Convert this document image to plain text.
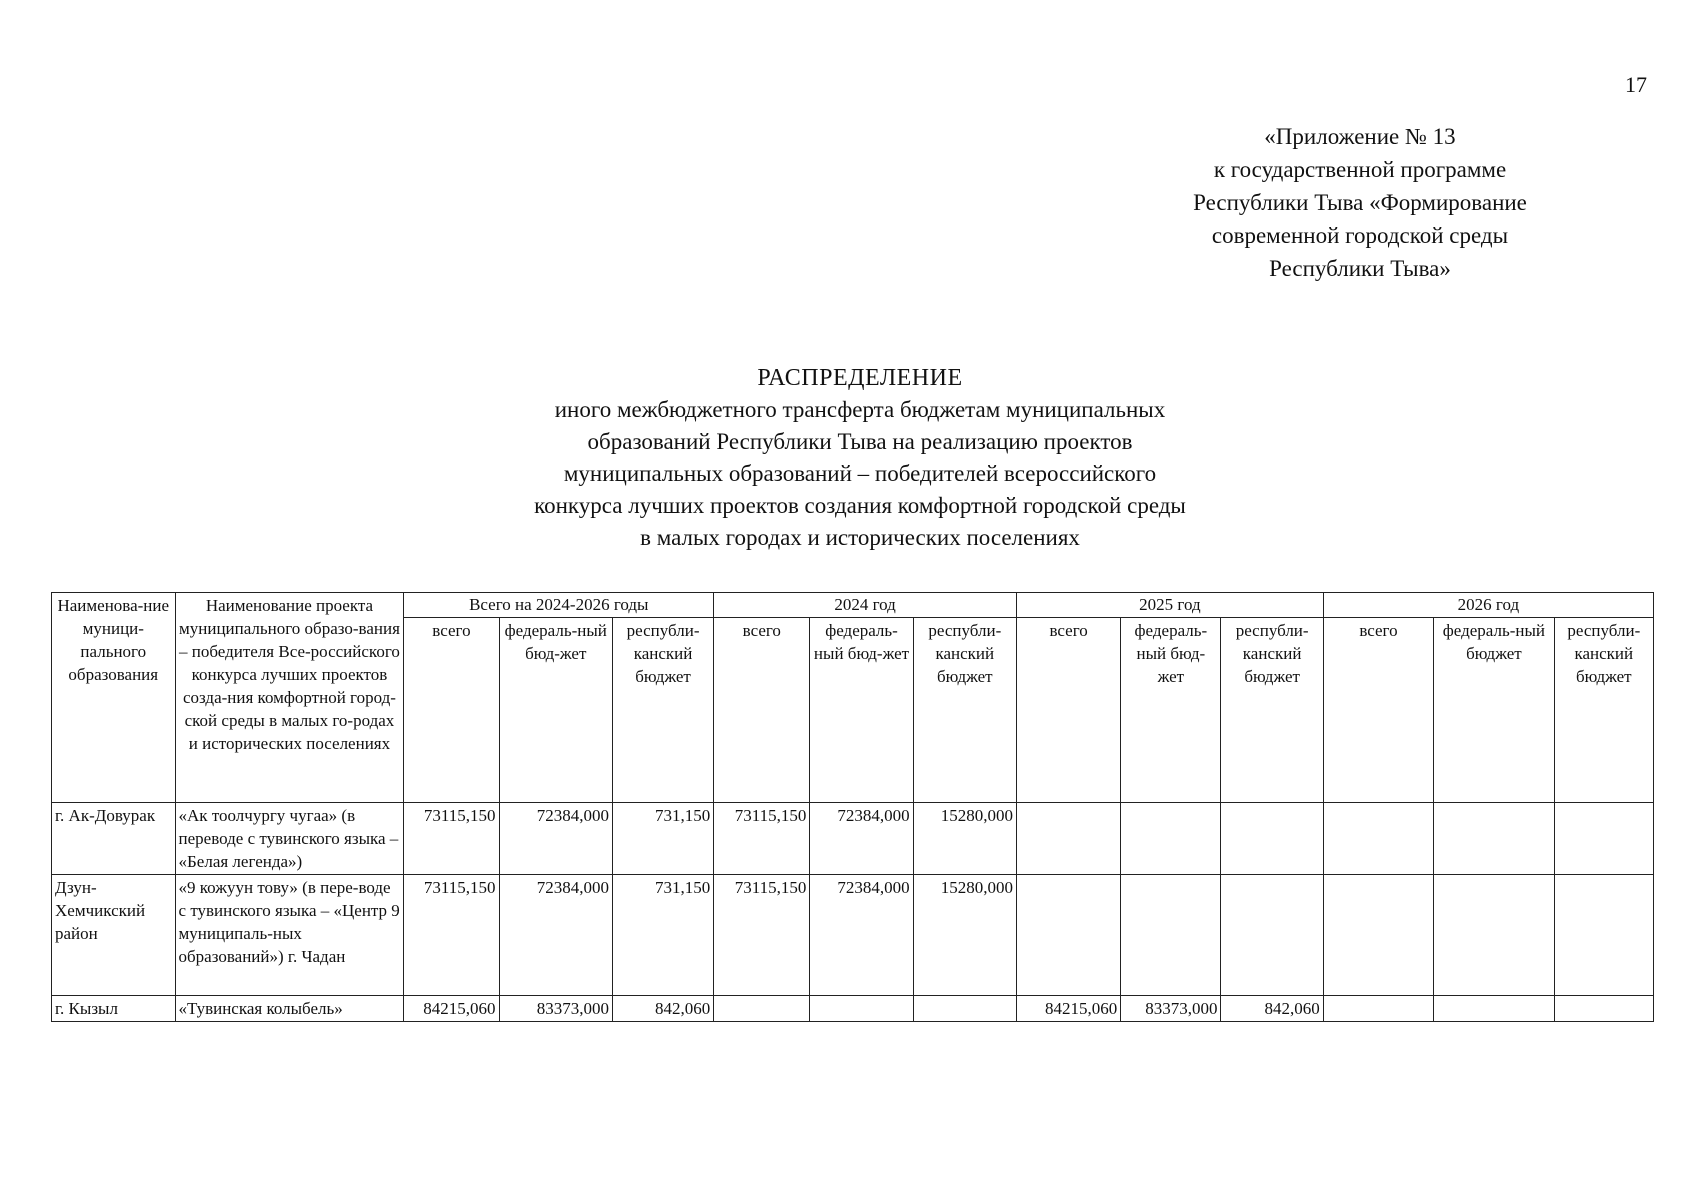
17
«Приложение № 13
к государственной программе
Республики Тыва «Формирование
современной городской среды
Республики Тыва»
РАСПРЕДЕЛЕНИЕ
иного межбюджетного трансферта бюджетам муниципальных
образований Республики Тыва на реализацию проектов
муниципальных образований – победителей всероссийского
конкурса лучших проектов создания комфортной городской среды
в малых городах и исторических поселениях
Наименова-ние муници-пального образования	Наименование проекта муниципального образо-вания – победителя Все-российского конкурса лучших проектов созда-ния комфортной город-ской среды в малых го-родах и исторических поселениях	Всего на 2024-2026 годы			2024 год			2025 год			2026 год		
		всего	федераль-ный бюд-жет	республи-канский бюджет	всего	федераль-ный бюд-жет	республи-канский бюджет	всего	федераль-ный бюд-жет	республи-канский бюджет	всего	федераль-ный бюджет	республи-канский бюджет
г. Ак-Довурак	«Ак тоолчургу чугаа» (в переводе с тувинского языка – «Белая легенда»)	73115,150	72384,000	731,150	73115,150	72384,000	15280,000						
Дзун-Хемчикский район	«9 кожуун тову» (в пере-воде с тувинского языка – «Центр 9 муниципаль-ных образований») г. Чадан	73115,150	72384,000	731,150	73115,150	72384,000	15280,000						
г. Кызыл	«Тувинская колыбель»	84215,060	83373,000	842,060				84215,060	83373,000	842,060			
